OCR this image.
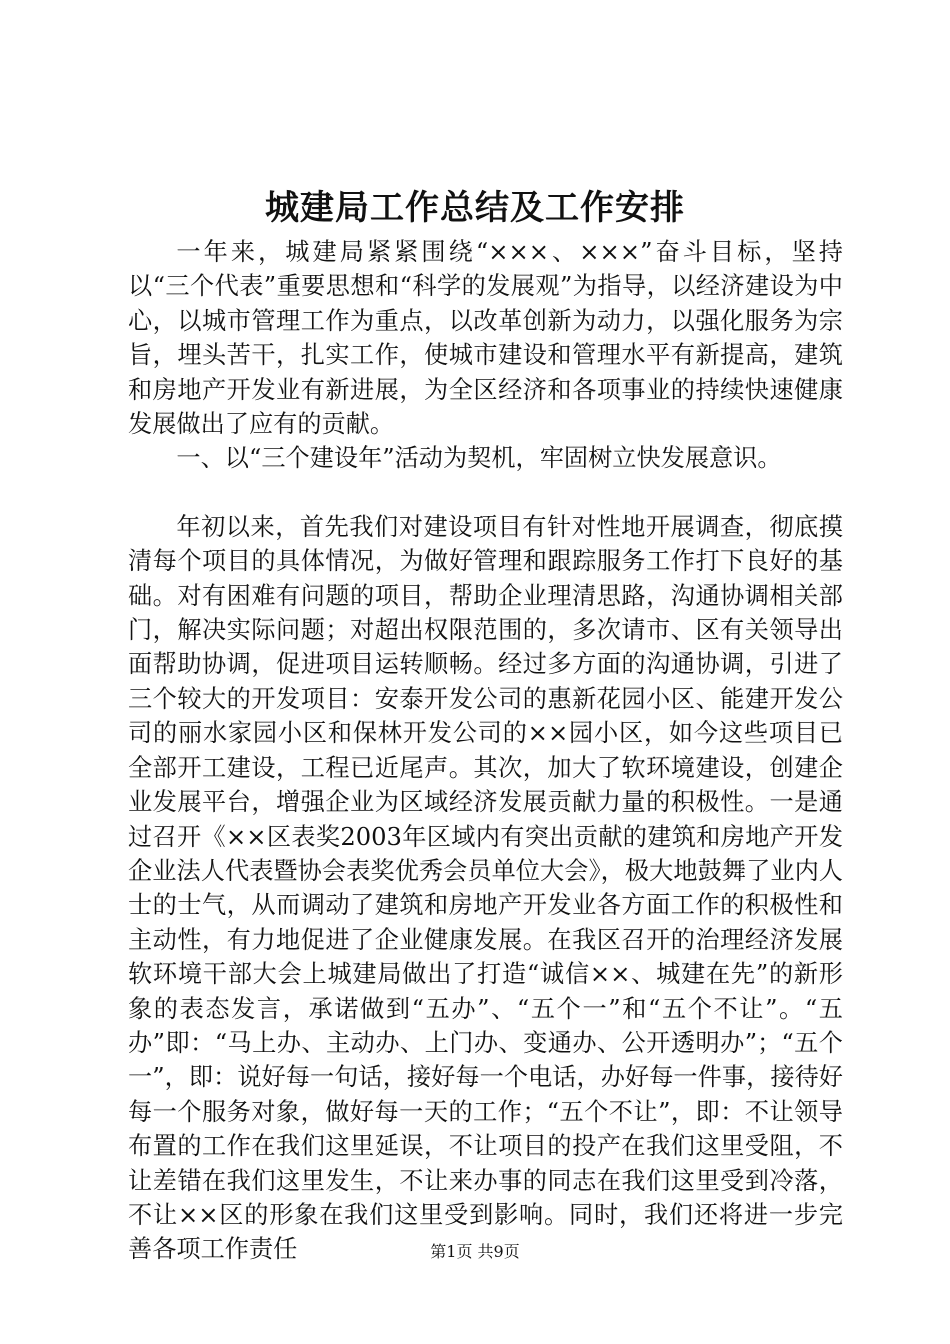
城建局工作总结及工作安排

一年来，城建局紧紧围绕“×××、×××”奋斗目标，坚持以“三个代表”重要思想和“科学的发展观”为指导，以经济建设为中心，以城市管理工作为重点，以改革创新为动力，以强化服务为宗旨，埋头苦干，扎实工作，使城市建设和管理水平有新提高，建筑和房地产开发业有新进展，为全区经济和各项事业的持续快速健康发展做出了应有的贡献。

一、以“三个建设年”活动为契机，牢固树立快发展意识。

年初以来，首先我们对建设项目有针对性地开展调查，彻底摸清每个项目的具体情况，为做好管理和跟踪服务工作打下良好的基础。对有困难有问题的项目，帮助企业理清思路，沟通协调相关部门，解决实际问题；对超出权限范围的，多次请市、区有关领导出面帮助协调，促进项目运转顺畅。经过多方面的沟通协调，引进了三个较大的开发项目：安泰开发公司的惠新花园小区、能建开发公司的丽水家园小区和保林开发公司的××园小区，如今这些项目已全部开工建设，工程已近尾声。其次，加大了软环境建设，创建企业发展平台，增强企业为区域经济发展贡献力量的积极性。一是通过召开《××区表奖2003年区域内有突出贡献的建筑和房地产开发企业法人代表暨协会表奖优秀会员单位大会》，极大地鼓舞了业内人士的士气，从而调动了建筑和房地产开发业各方面工作的积极性和主动性，有力地促进了企业健康发展。在我区召开的治理经济发展软环境干部大会上城建局做出了打造“诚信××、城建在先”的新形象的表态发言，承诺做到“五办”、“五个一”和“五个不让”。“五办”即：“马上办、主动办、上门办、变通办、公开透明办”；“五个一”，即：说好每一句话，接好每一个电话，办好每一件事，接待好每一个服务对象，做好每一天的工作；“五个不让”，即：不让领导布置的工作在我们这里延误，不让项目的投产在我们这里受阻，不让差错在我们这里发生，不让来办事的同志在我们这里受到冷落，不让××区的形象在我们这里受到影响。同时，我们还将进一步完善各项工作责任	第1页 共9页
